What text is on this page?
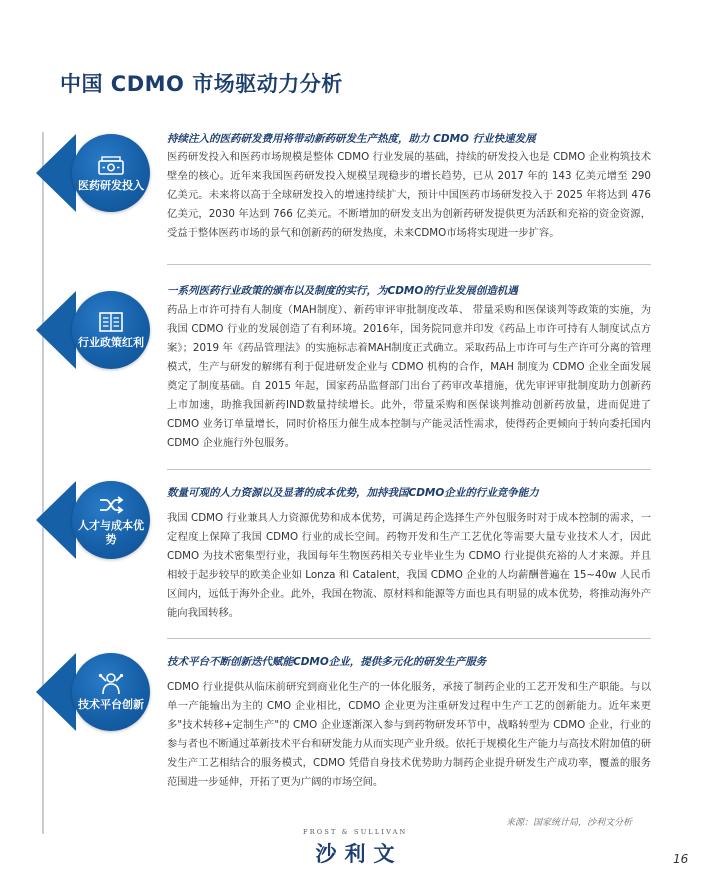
中国 CDMO 市场驱动力分析
医药研发投入
持续注入的医药研发费用将带动新药研发生产热度，助力 CDMO 行业快速发展
医药研发投入和医药市场规模是整体 CDMO 行业发展的基础，持续的研发投入也是 CDMO 企业构筑技术壁垒的核心。近年来我国医药研发投入规模呈现稳步的增长趋势，已从 2017 年的 143 亿美元增至 290 亿美元。未来将以高于全球研发投入的增速持续扩大，预计中国医药市场研发投入于 2025 年将达到 476 亿美元，2030 年达到 766 亿美元。不断增加的研发支出为创新药研发提供更为活跃和充裕的资金资源，受益于整体医药市场的景气和创新药的研发热度，未来CDMO市场将实现进一步扩容。
行业政策红利
一系列医药行业政策的颁布以及制度的实行，为CDMO的行业发展创造机遇
药品上市许可持有人制度（MAH制度）、新药审评审批制度改革、 带量采购和医保谈判等政策的实施，为我国 CDMO 行业的发展创造了有利环境。2016年，国务院同意并印发《药品上市许可持有人制度试点方案》；2019 年《药品管理法》的实施标志着MAH制度正式确立。采取药品上市许可与生产许可分离的管理模式，生产与研发的解绑有利于促进研发企业与 CDMO 机构的合作，MAH 制度为 CDMO 企业全面发展奠定了制度基础。自 2015 年起，国家药品监督部门出台了药审改革措施，优先审评审批制度助力创新药上市加速，助推我国新药IND数量持续增长。此外，带量采购和医保谈判推动创新药放量，进而促进了 CDMO 业务订单量增长，同时价格压力催生成本控制与产能灵活性需求，使得药企更倾向于转向委托国内 CDMO 企业施行外包服务。
人才与成本优势
数量可观的人力资源以及显著的成本优势，加持我国CDMO企业的行业竞争能力
我国 CDMO 行业兼具人力资源优势和成本优势，可满足药企选择生产外包服务时对于成本控制的需求，一定程度上保障了我国 CDMO 行业的成长空间。药物开发和生产工艺优化等需要大量专业技术人才，因此 CDMO 为技术密集型行业，我国每年生物医药相关专业毕业生为 CDMO 行业提供充裕的人才来源。并且相较于起步较早的欧美企业如 Lonza 和 Catalent，我国 CDMO 企业的人均薪酬普遍在 15~40w 人民币区间内，远低于海外企业。此外，我国在物流、原材料和能源等方面也具有明显的成本优势，将推动海外产能向我国转移。
技术平台创新
技术平台不断创新迭代赋能CDMO企业，提供多元化的研发生产服务
CDMO 行业提供从临床前研究到商业化生产的一体化服务，承接了制药企业的工艺开发和生产职能。与以单一产能输出为主的 CMO 企业相比，CDMO 企业更为注重研发过程中生产工艺的创新能力。近年来更多"技术转移+定制生产"的 CMO 企业逐渐深入参与到药物研发环节中，战略转型为 CDMO 企业，行业的参与者也不断通过革新技术平台和研发能力从而实现产业升级。依托于规模化生产能力与高技术附加值的研发生产工艺相结合的服务模式，CDMO 凭借自身技术优势助力制药企业提升研发生产成功率，覆盖的服务范围进一步延伸，开拓了更为广阔的市场空间。
来源：国家统计局，沙利文分析
FROST & SULLIVAN
沙利文	16
